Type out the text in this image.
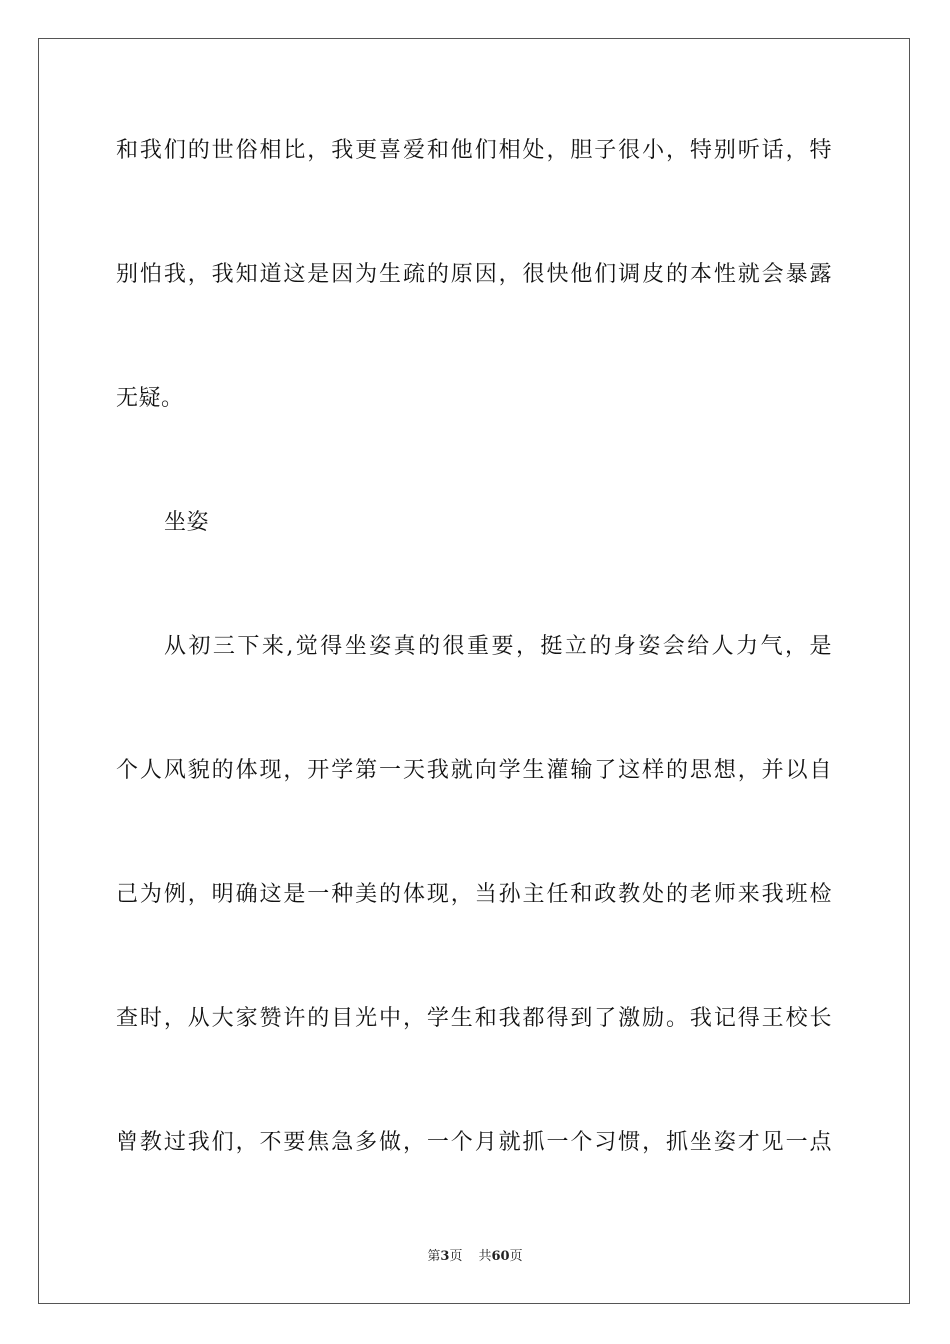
和我们的世俗相比，我更喜爱和他们相处，胆子很小，特别听话，特
别怕我，我知道这是因为生疏的原因，很快他们调皮的本性就会暴露
无疑。
坐姿
从初三下来,觉得坐姿真的很重要，挺立的身姿会给人力气，是
个人风貌的体现，开学第一天我就向学生灌输了这样的思想，并以自
己为例，明确这是一种美的体现，当孙主任和政教处的老师来我班检
查时，从大家赞许的目光中，学生和我都得到了激励。我记得王校长
曾教过我们，不要焦急多做，一个月就抓一个习惯，抓坐姿才见一点
第3页 共60页
